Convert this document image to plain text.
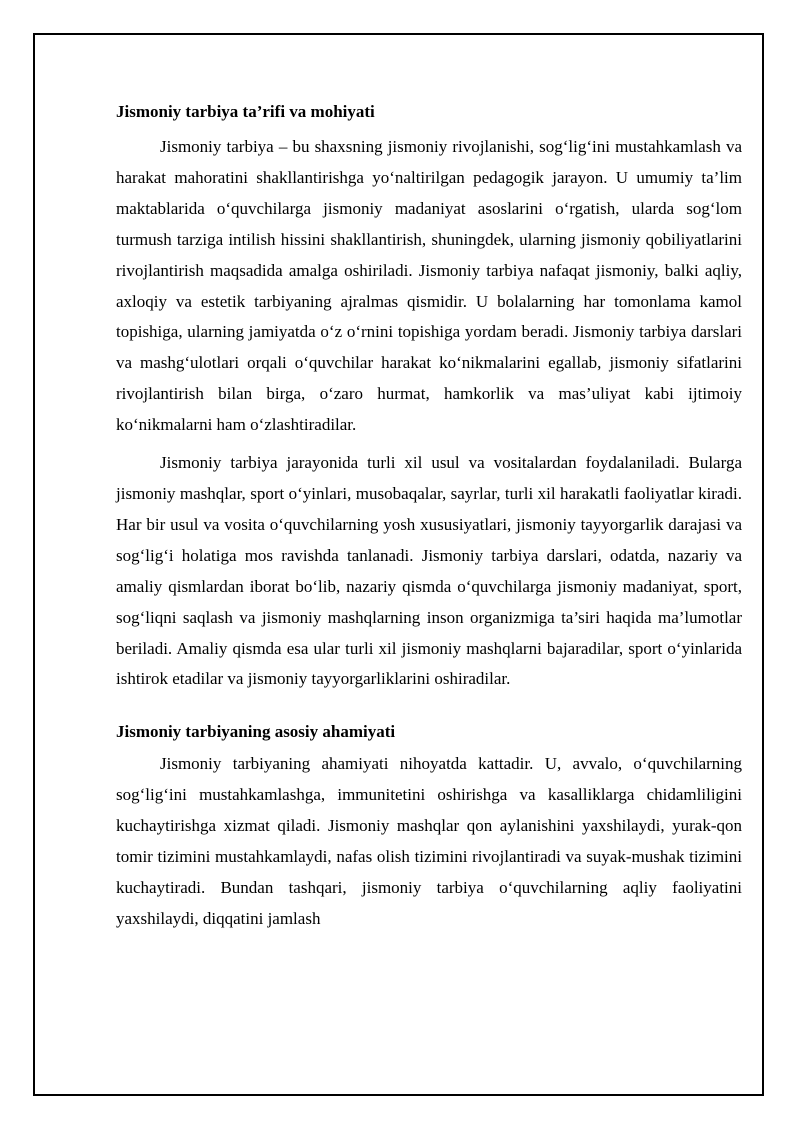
Jismoniy tarbiya ta’rifi va mohiyati

Jismoniy tarbiya – bu shaxsning jismoniy rivojlanishi, sog‘lig‘ini mustahkamlash va harakat mahoratini shakllantirishga yo‘naltirilgan pedagogik jarayon. U umumiy ta’lim maktablarida o‘quvchilarga jismoniy madaniyat asoslarini o‘rgatish, ularda sog‘lom turmush tarziga intilish hissini shakllantirish, shuningdek, ularning jismoniy qobiliyatlarini rivojlantirish maqsadida amalga oshiriladi. Jismoniy tarbiya nafaqat jismoniy, balki aqliy, axloqiy va estetik tarbiyaning ajralmas qismidir. U bolalarning har tomonlama kamol topishiga, ularning jamiyatda o‘z o‘rnini topishiga yordam beradi. Jismoniy tarbiya darslari va mashg‘ulotlari orqali o‘quvchilar harakat ko‘nikmalarini egallab, jismoniy sifatlarini rivojlantirish bilan birga, o‘zaro hurmat, hamkorlik va mas’uliyat kabi ijtimoiy ko‘nikmalarni ham o‘zlashtiradilar.

Jismoniy tarbiya jarayonida turli xil usul va vositalardan foydalaniladi. Bularga jismoniy mashqlar, sport o‘yinlari, musobaqalar, sayrlar, turli xil harakatli faoliyatlar kiradi. Har bir usul va vosita o‘quvchilarning yosh xususiyatlari, jismoniy tayyorgarlik darajasi va sog‘lig‘i holatiga mos ravishda tanlanadi. Jismoniy tarbiya darslari, odatda, nazariy va amaliy qismlardan iborat bo‘lib, nazariy qismda o‘quvchilarga jismoniy madaniyat, sport, sog‘liqni saqlash va jismoniy mashqlarning inson organizmiga ta’siri haqida ma’lumotlar beriladi. Amaliy qismda esa ular turli xil jismoniy mashqlarni bajaradilar, sport o‘yinlarida ishtirok etadilar va jismoniy tayyorgarliklarini oshiradilar.

Jismoniy tarbiyaning asosiy ahamiyati

Jismoniy tarbiyaning ahamiyati nihoyatda kattadir. U, avvalo, o‘quvchilarning sog‘lig‘ini mustahkamlashga, immunitetini oshirishga va kasalliklarga chidamliligini kuchaytirishga xizmat qiladi. Jismoniy mashqlar qon aylanishini yaxshilaydi, yurak-qon tomir tizimini mustahkamlaydi, nafas olish tizimini rivojlantiradi va suyak-mushak tizimini kuchaytiradi. Bundan tashqari, jismoniy tarbiya o‘quvchilarning aqliy faoliyatini yaxshilaydi, diqqatini jamlash
